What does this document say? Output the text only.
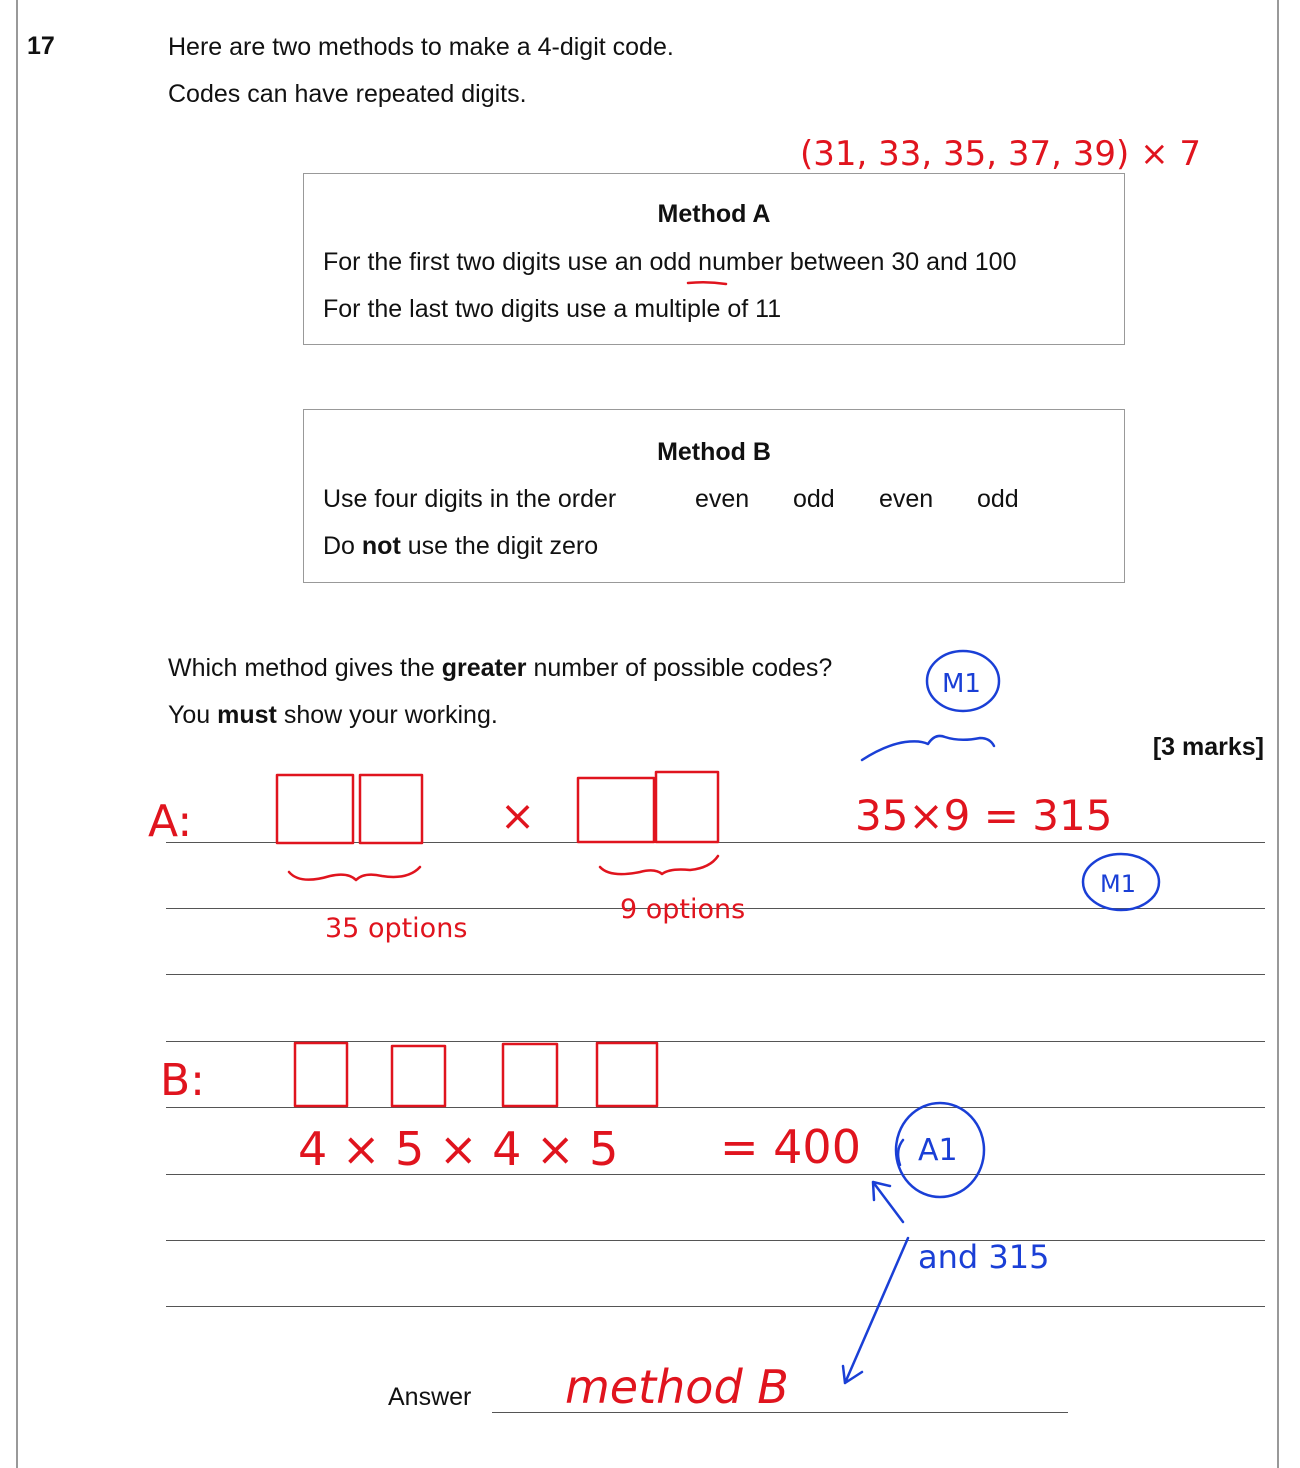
17	Here are two methods to make a 4-digit code.
Codes can have repeated digits.
Method A
For the first two digits use an odd number between 30 and 100
For the last two digits use a multiple of 11
Method B
Use four digits in the order	even odd even odd
Do not use the digit zero
Which method gives the greater number of possible codes?
You must show your working.
[3 marks]
Answer
(31, 33, 35, 37, 39) × 7
A:	×
35 options
9 options
35×9 = 315
B:
4 × 5 × 4 × 5 = 400
method B
M1
M1
A1
and 315
